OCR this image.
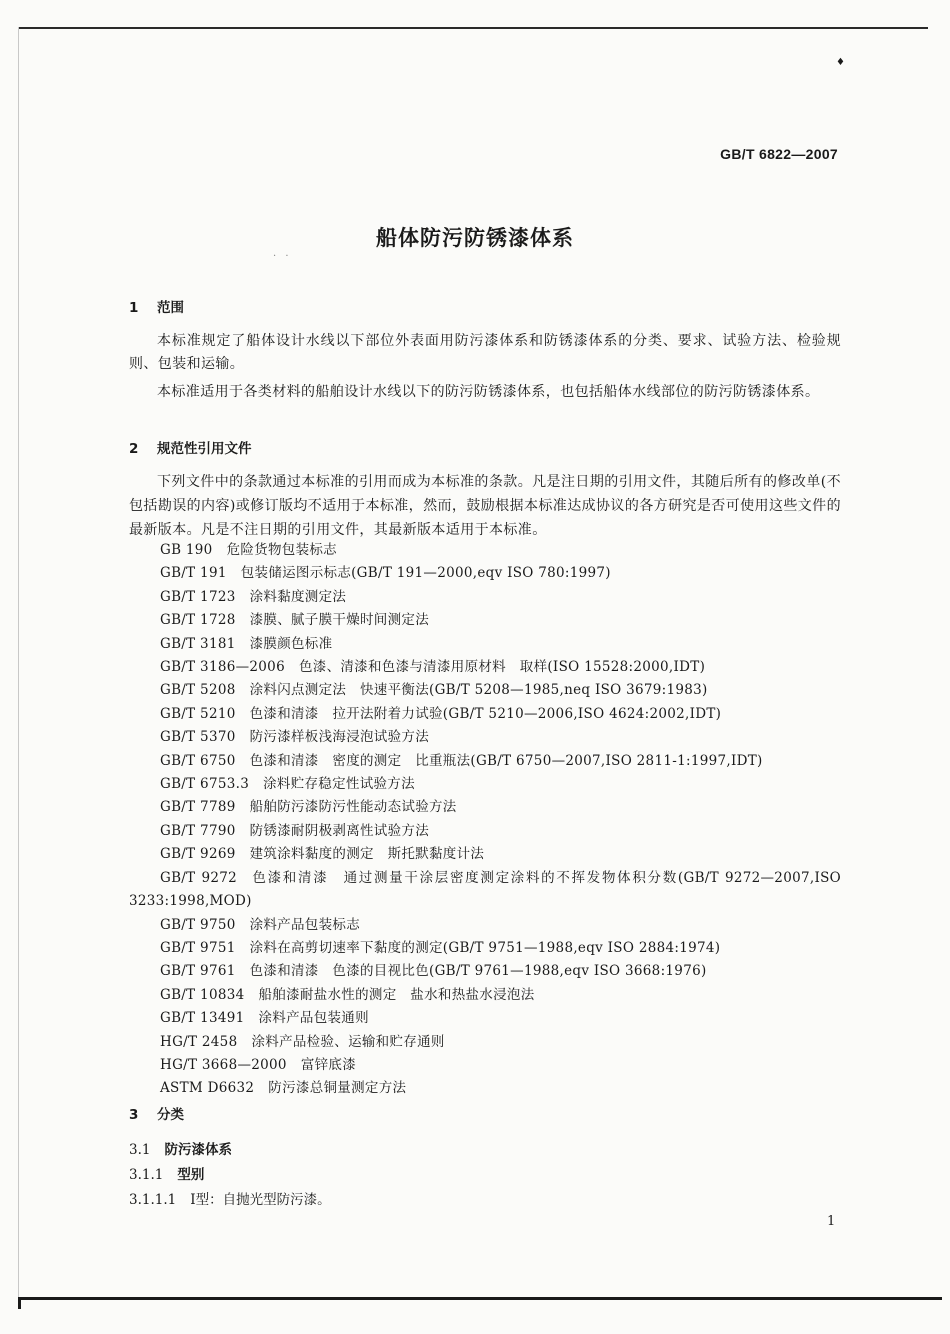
♦
GB/T 6822—2007
船体防污防锈漆体系
· ·
1 范围
本标准规定了船体设计水线以下部位外表面用防污漆体系和防锈漆体系的分类、要求、试验方法、检验规则、包装和运输。
本标准适用于各类材料的船舶设计水线以下的防污防锈漆体系，也包括船体水线部位的防污防锈漆体系。
2 规范性引用文件
下列文件中的条款通过本标准的引用而成为本标准的条款。凡是注日期的引用文件，其随后所有的修改单(不包括勘误的内容)或修订版均不适用于本标准，然而，鼓励根据本标准达成协议的各方研究是否可使用这些文件的最新版本。凡是不注日期的引用文件，其最新版本适用于本标准。
GB 190 危险货物包装标志
GB/T 191 包装储运图示标志(GB/T 191—2000,eqv ISO 780:1997)
GB/T 1723 涂料黏度测定法
GB/T 1728 漆膜、腻子膜干燥时间测定法
GB/T 3181 漆膜颜色标准
GB/T 3186—2006 色漆、清漆和色漆与清漆用原材料　取样(ISO 15528:2000,IDT)
GB/T 5208 涂料闪点测定法　快速平衡法(GB/T 5208—1985,neq ISO 3679:1983)
GB/T 5210 色漆和清漆　拉开法附着力试验(GB/T 5210—2006,ISO 4624:2002,IDT)
GB/T 5370 防污漆样板浅海浸泡试验方法
GB/T 6750 色漆和清漆　密度的测定　比重瓶法(GB/T 6750—2007,ISO 2811-1:1997,IDT)
GB/T 6753.3 涂料贮存稳定性试验方法
GB/T 7789 船舶防污漆防污性能动态试验方法
GB/T 7790 防锈漆耐阴极剥离性试验方法
GB/T 9269 建筑涂料黏度的测定　斯托默黏度计法
GB/T 9272 色漆和清漆　通过测量干涂层密度测定涂料的不挥发物体积分数(GB/T 9272—2007,ISO 3233:1998,MOD)
GB/T 9750 涂料产品包装标志
GB/T 9751 涂料在高剪切速率下黏度的测定(GB/T 9751—1988,eqv ISO 2884:1974)
GB/T 9761 色漆和清漆　色漆的目视比色(GB/T 9761—1988,eqv ISO 3668:1976)
GB/T 10834 船舶漆耐盐水性的测定　盐水和热盐水浸泡法
GB/T 13491 涂料产品包装通则
HG/T 2458 涂料产品检验、运输和贮存通则
HG/T 3668—2000 富锌底漆
ASTM D6632 防污漆总铜量测定方法
3 分类
3.1 防污漆体系
3.1.1 型别
3.1.1.1 Ⅰ型：自抛光型防污漆。
1
